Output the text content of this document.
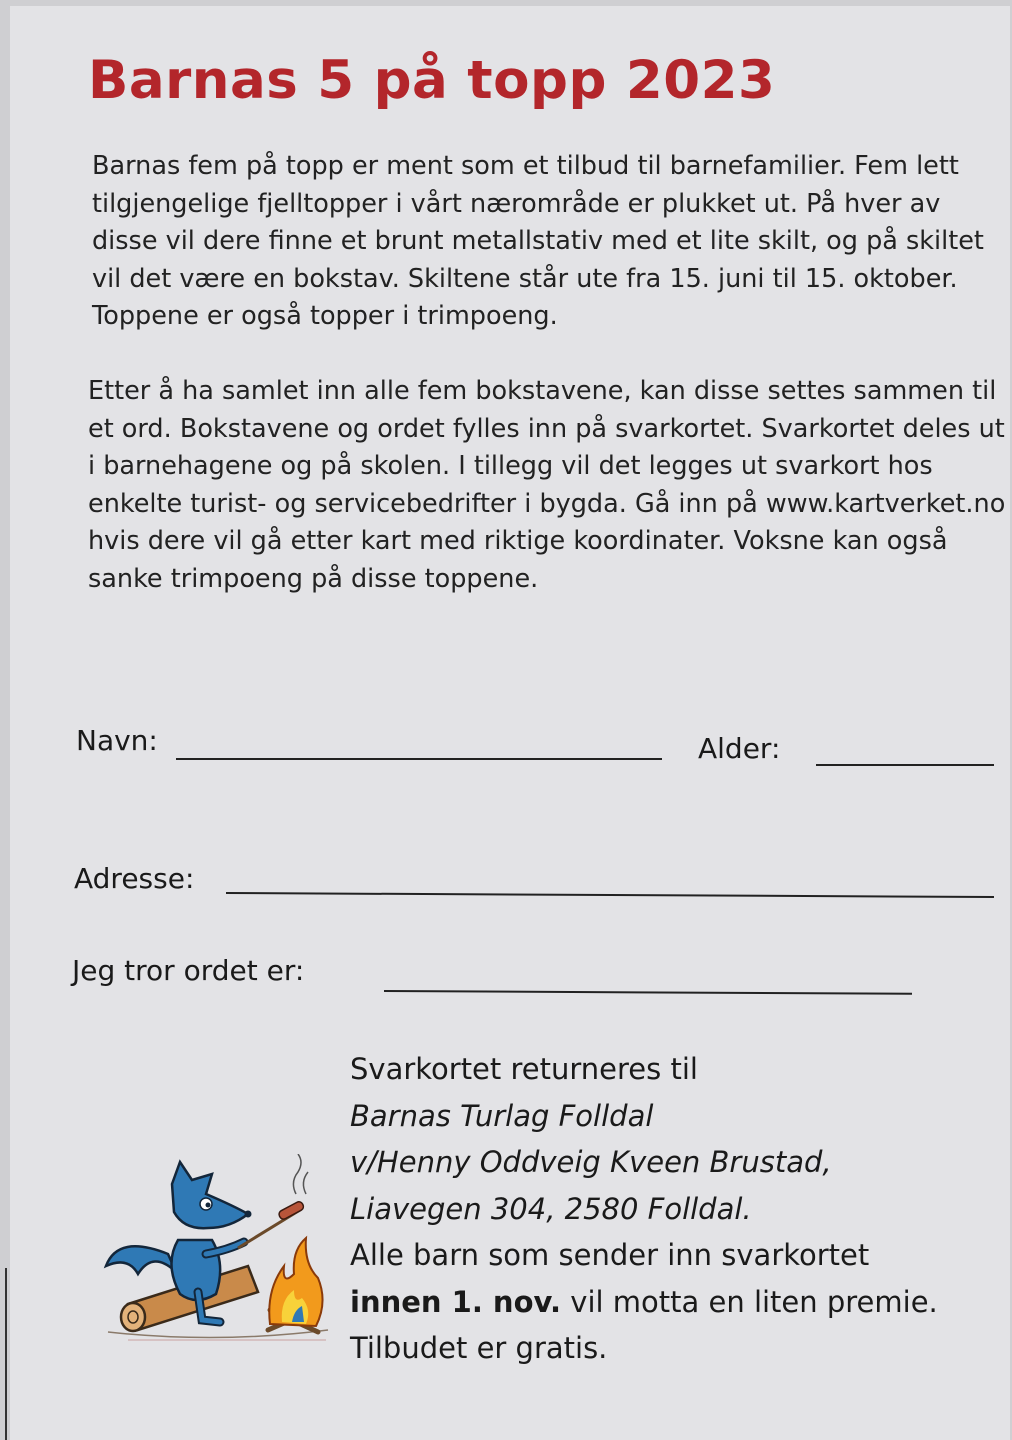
Barnas 5 på topp 2023

Barnas fem på topp er ment som et tilbud til barnefamilier. Fem lett tilgjengelige fjelltopper i vårt nærområde er plukket ut. På hver av disse vil dere finne et brunt metallstativ med et lite skilt, og på skiltet vil det være en bokstav. Skiltene står ute fra 15. juni til 15. oktober. Toppene er også topper i trimpoeng.

Etter å ha samlet inn alle fem bokstavene, kan disse settes sammen til et ord. Bokstavene og ordet fylles inn på svarkortet. Svarkortet deles ut i barnehagene og på skolen. I tillegg vil det legges ut svarkort hos enkelte turist- og servicebedrifter i bygda. Gå inn på www.kartverket.no hvis dere vil gå etter kart med riktige koordinater. Voksne kan også sanke trimpoeng på disse toppene.

Navn:	Alder:
Adresse:
Jeg tror ordet er:
Svarkortet returneres til
Barnas Turlag Folldal
v/Henny Oddveig Kveen Brustad,
Liavegen 304, 2580 Folldal.
Alle barn som sender inn svarkortet
innen 1. nov. vil motta en liten premie.
Tilbudet er gratis.
